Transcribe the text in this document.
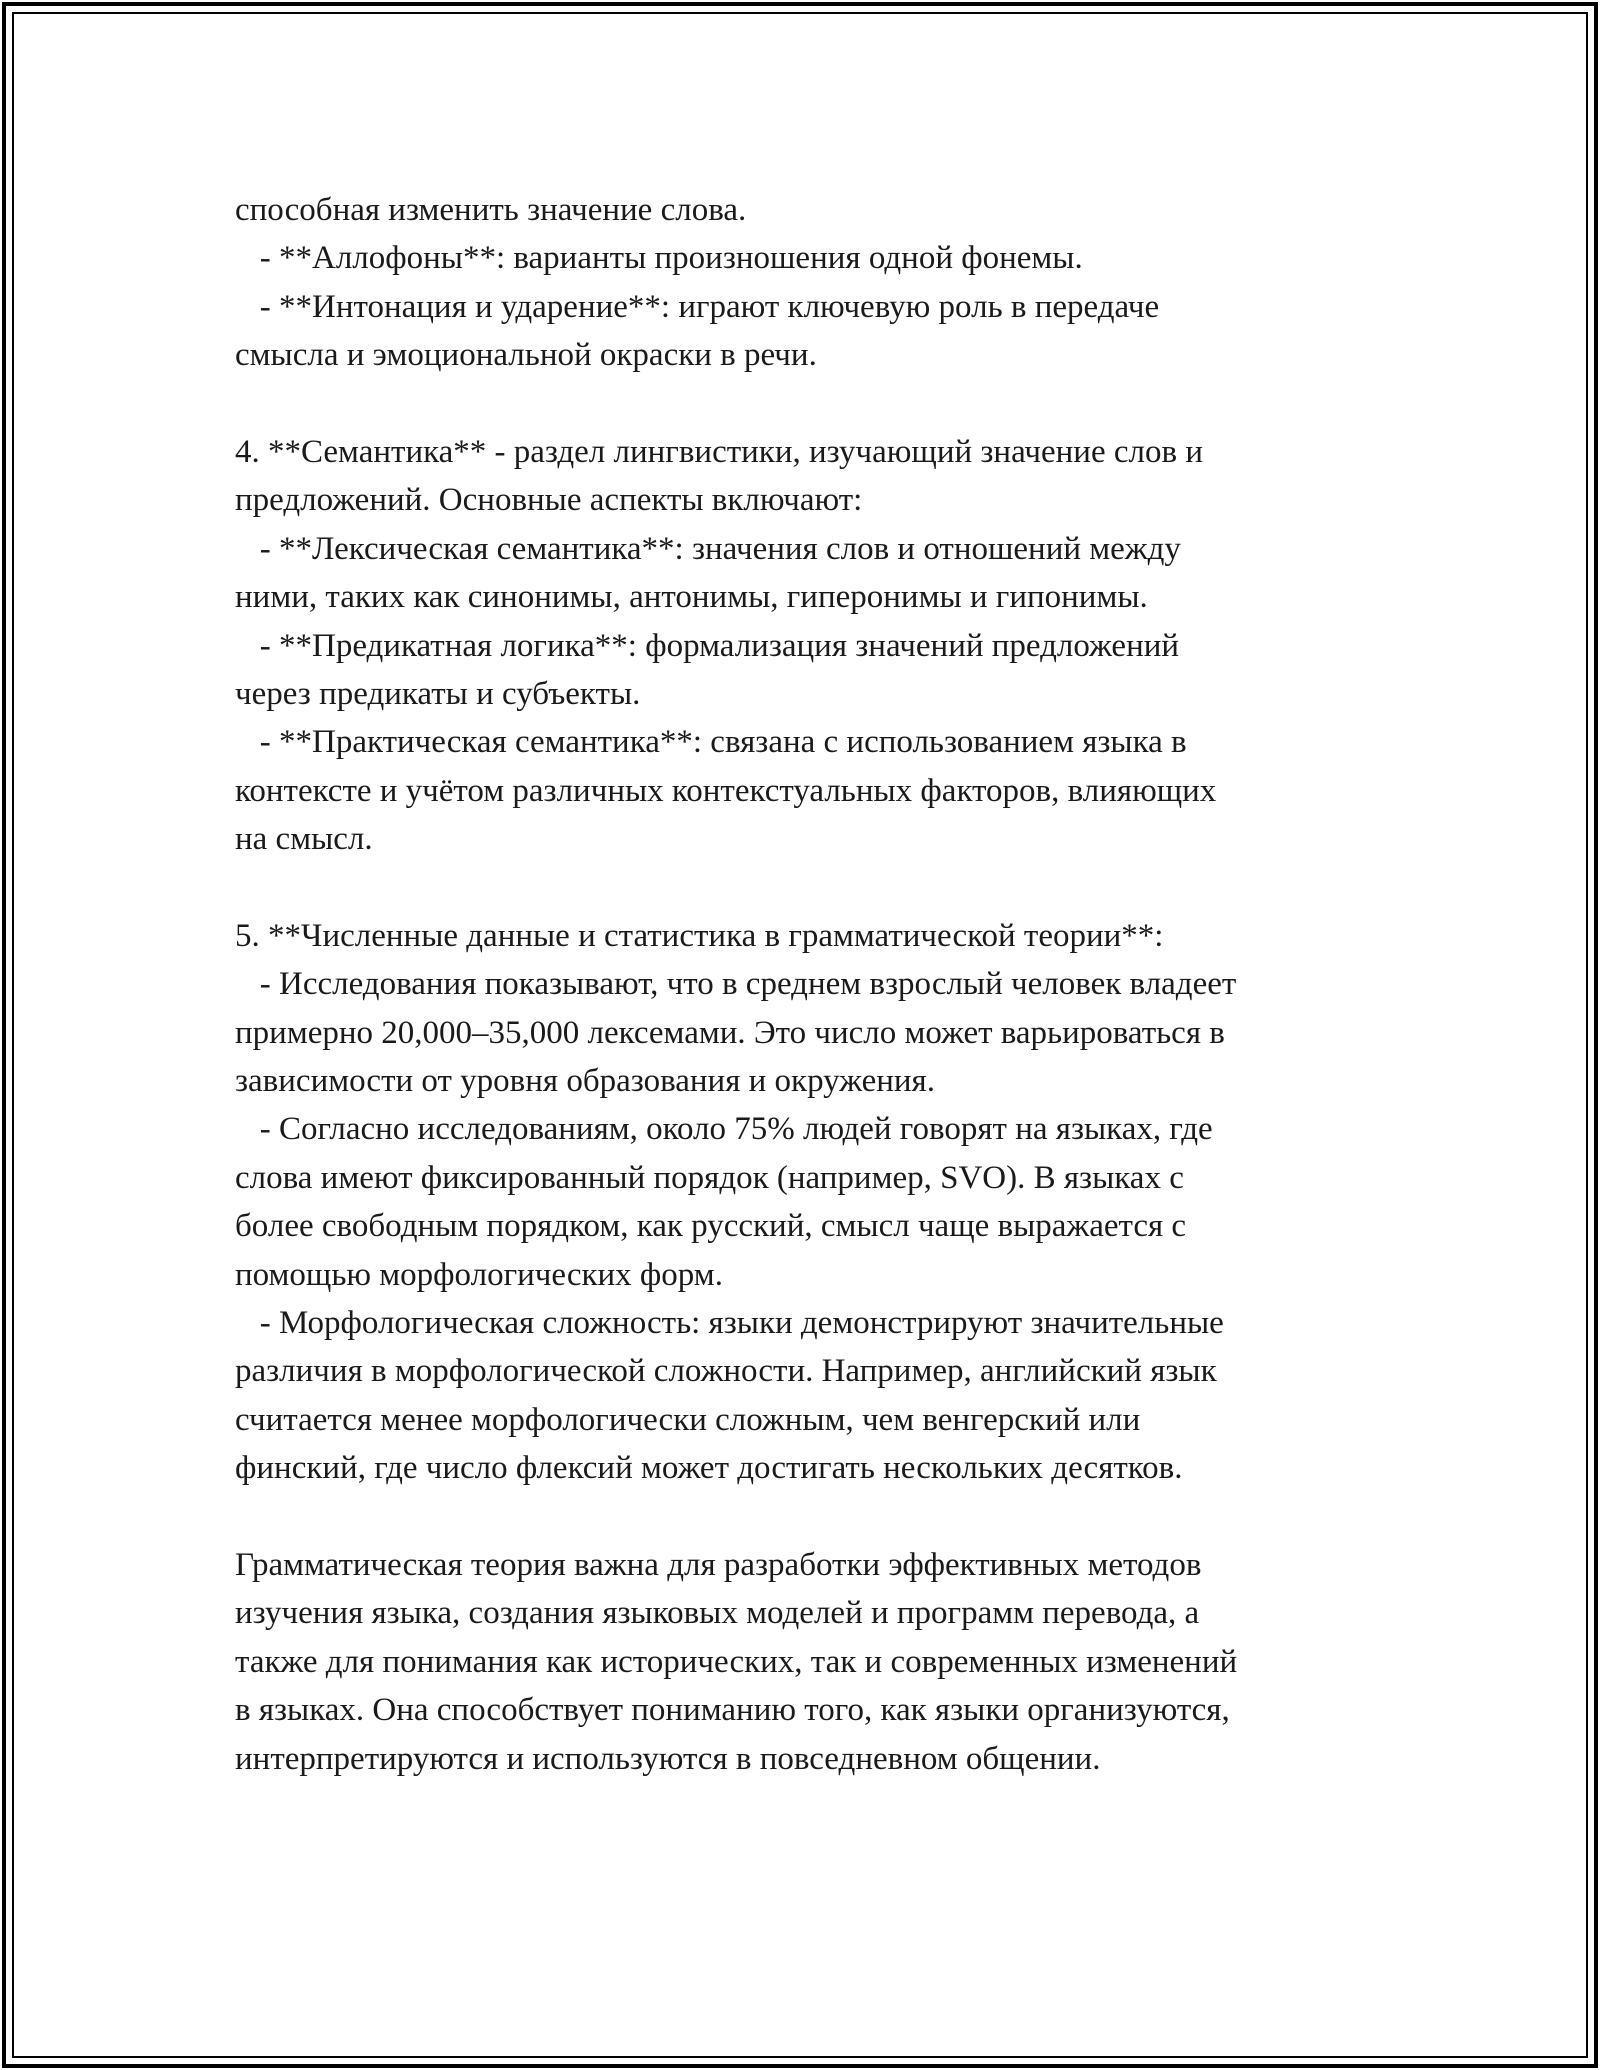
способная изменить значение слова.
- **Аллофоны**: варианты произношения одной фонемы.
- **Интонация и ударение**: играют ключевую роль в передаче
смысла и эмоциональной окраски в речи.
4. **Семантика** - раздел лингвистики, изучающий значение слов и
предложений. Основные аспекты включают:
- **Лексическая семантика**: значения слов и отношений между
ними, таких как синонимы, антонимы, гиперонимы и гипонимы.
- **Предикатная логика**: формализация значений предложений
через предикаты и субъекты.
- **Практическая семантика**: связана с использованием языка в
контексте и учётом различных контекстуальных факторов, влияющих
на смысл.
5. **Численные данные и статистика в грамматической теории**:
- Исследования показывают, что в среднем взрослый человек владеет
примерно 20,000–35,000 лексемами. Это число может варьироваться в
зависимости от уровня образования и окружения.
- Согласно исследованиям, около 75% людей говорят на языках, где
слова имеют фиксированный порядок (например, SVO). В языках с
более свободным порядком, как русский, смысл чаще выражается с
помощью морфологических форм.
- Морфологическая сложность: языки демонстрируют значительные
различия в морфологической сложности. Например, английский язык
считается менее морфологически сложным, чем венгерский или
финский, где число флексий может достигать нескольких десятков.
Грамматическая теория важна для разработки эффективных методов
изучения языка, создания языковых моделей и программ перевода, а
также для понимания как исторических, так и современных изменений
в языках. Она способствует пониманию того, как языки организуются,
интерпретируются и используются в повседневном общении.
